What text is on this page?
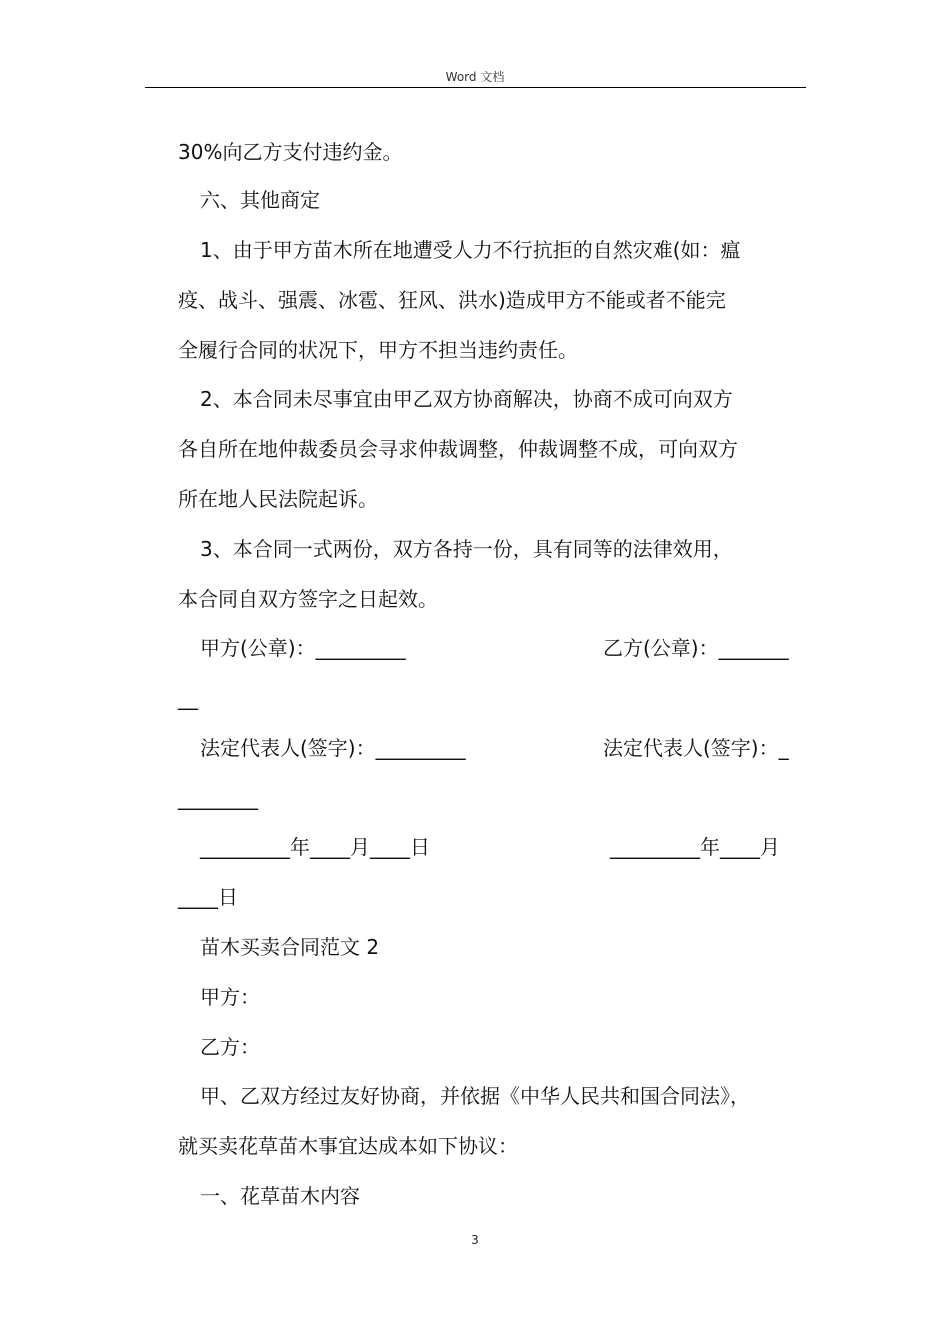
Word 文档
30%向乙方支付违约金。
六、其他商定
1、由于甲方苗木所在地遭受人力不行抗拒的自然灾难(如：瘟
疫、战斗、强震、冰雹、狂风、洪水)造成甲方不能或者不能完
全履行合同的状况下，甲方不担当违约责任。
2、本合同未尽事宜由甲乙双方协商解决，协商不成可向双方
各自所在地仲裁委员会寻求仲裁调整，仲裁调整不成，可向双方
所在地人民法院起诉。
3、本合同一式两份，双方各持一份，具有同等的法律效用，
本合同自双方签字之日起效。
甲方(公章)：_________	乙方(公章)：_______
__
法定代表人(签字)：_________	法定代表人(签字)：_
________
_________年____月____日	_________年____月
____日
苗木买卖合同范文 2
甲方：
乙方：
甲、乙双方经过友好协商，并依据《中华人民共和国合同法》，
就买卖花草苗木事宜达成本如下协议：
一、花草苗木内容
3
